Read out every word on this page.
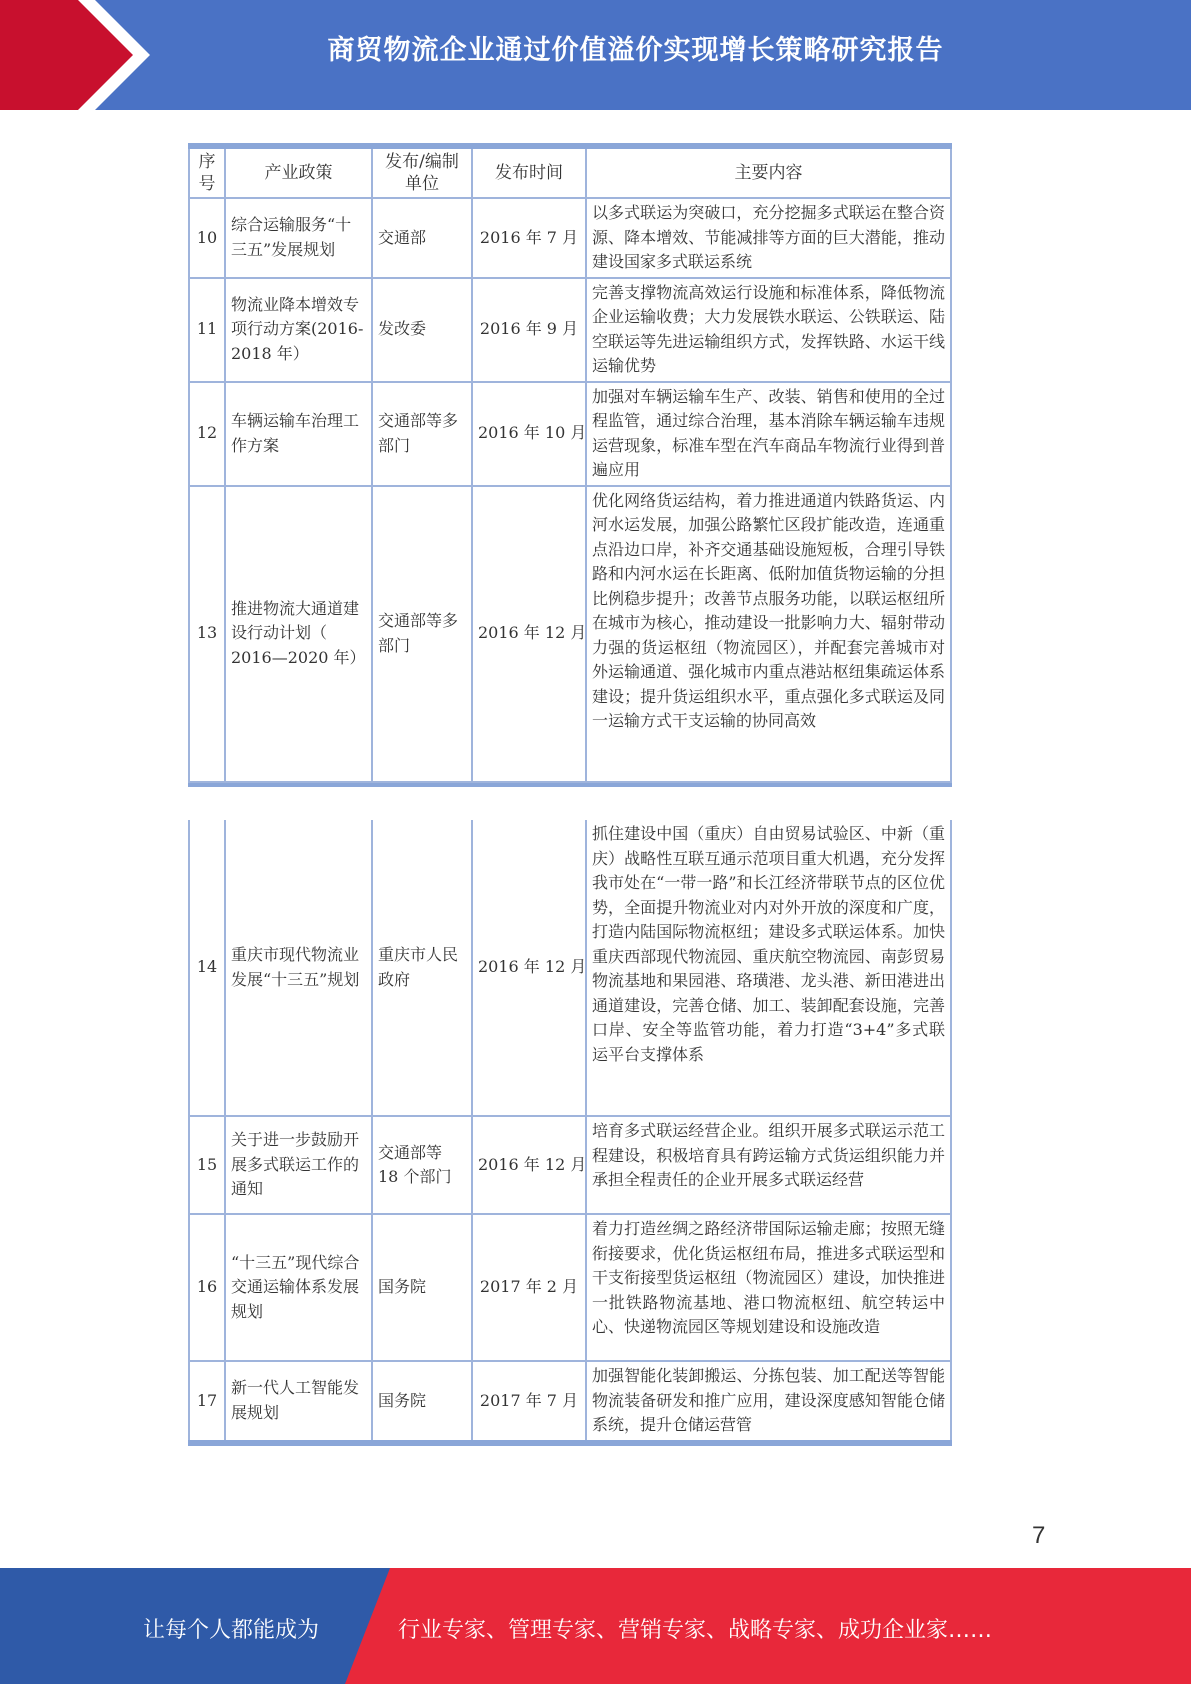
商贸物流企业通过价值溢价实现增长策略研究报告
序号	产业政策	发布/编制单位	发布时间	主要内容
10	综合运输服务“十三五”发展规划	交通部	2016 年 7 月	以多式联运为突破口，充分挖掘多式联运在整合资源、降本增效、节能减排等方面的巨大潜能，推动建设国家多式联运系统
11	物流业降本增效专项行动方案(2016-2018 年）	发改委	2016 年 9 月	完善支撑物流高效运行设施和标准体系，降低物流企业运输收费；大力发展铁水联运、公铁联运、陆空联运等先进运输组织方式，发挥铁路、水运干线运输优势
12	车辆运输车治理工作方案	交通部等多部门	2016 年 10 月	加强对车辆运输车生产、改装、销售和使用的全过程监管，通过综合治理，基本消除车辆运输车违规运营现象，标准车型在汽车商品车物流行业得到普遍应用
13	推进物流大通道建设行动计划（　2016—2020 年）	交通部等多部门	2016 年 12 月	优化网络货运结构，着力推进通道内铁路货运、内河水运发展，加强公路繁忙区段扩能改造，连通重点沿边口岸，补齐交通基础设施短板，合理引导铁路和内河水运在长距离、低附加值货物运输的分担比例稳步提升；改善节点服务功能，以联运枢纽所在城市为核心，推动建设一批影响力大、辐射带动力强的货运枢纽（物流园区），并配套完善城市对外运输通道、强化城市内重点港站枢纽集疏运体系建设；提升货运组织水平，重点强化多式联运及同一运输方式干支运输的协同高效

14	重庆市现代物流业发展“十三五”规划	重庆市人民政府	2016 年 12 月	抓住建设中国（重庆）自由贸易试验区、中新（重庆）战略性互联互通示范项目重大机遇，充分发挥我市处在“一带一路”和长江经济带联节点的区位优势，全面提升物流业对内对外开放的深度和广度，打造内陆国际物流枢纽；建设多式联运体系。加快重庆西部现代物流园、重庆航空物流园、南彭贸易物流基地和果园港、珞璜港、龙头港、新田港进出通道建设，完善仓储、加工、装卸配套设施，完善口岸、安全等监管功能，着力打造“3+4”多式联运平台支撑体系
15	关于进一步鼓励开展多式联运工作的通知	交通部等 18 个部门	2016 年 12 月	培育多式联运经营企业。组织开展多式联运示范工程建设，积极培育具有跨运输方式货运组织能力并承担全程责任的企业开展多式联运经营
16	“十三五”现代综合交通运输体系发展规划	国务院	2017 年 2 月	着力打造丝绸之路经济带国际运输走廊；按照无缝衔接要求，优化货运枢纽布局，推进多式联运型和干支衔接型货运枢纽（物流园区）建设，加快推进一批铁路物流基地、港口物流枢纽、航空转运中心、快递物流园区等规划建设和设施改造
17	新一代人工智能发展规划	国务院	2017 年 7 月	加强智能化装卸搬运、分拣包装、加工配送等智能物流装备研发和推广应用，建设深度感知智能仓储系统，提升仓储运营管
7
让每个人都能成为	行业专家、管理专家、营销专家、战略专家、成功企业家……
